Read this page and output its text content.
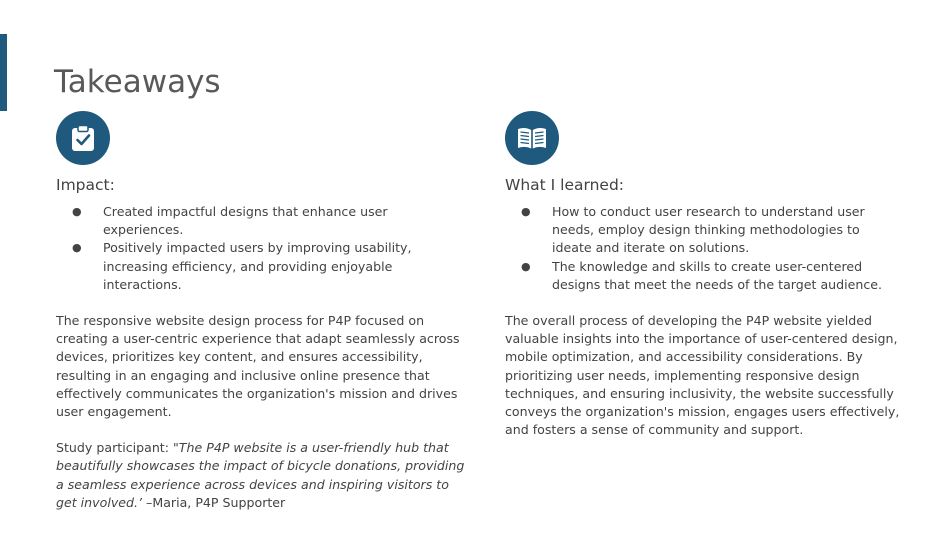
Takeaways
Impact:
● Created impactful designs that enhance user experiences.
● Positively impacted users by improving usability, increasing efficiency, and providing enjoyable interactions.

The responsive website design process for P4P focused on creating a user-centric experience that adapt seamlessly across devices, prioritizes key content, and ensures accessibility, resulting in an engaging and inclusive online presence that effectively communicates the organization's mission and drives user engagement.

Study participant: "The P4P website is a user-friendly hub that beautifully showcases the impact of bicycle donations, providing a seamless experience across devices and inspiring visitors to get involved.’ –Maria, P4P Supporter

What I learned:
● How to conduct user research to understand user needs, employ design thinking methodologies to ideate and iterate on solutions.
● The knowledge and skills to create user-centered designs that meet the needs of the target audience.

The overall process of developing the P4P website yielded valuable insights into the importance of user-centered design, mobile optimization, and accessibility considerations. By prioritizing user needs, implementing responsive design techniques, and ensuring inclusivity, the website successfully conveys the organization's mission, engages users effectively, and fosters a sense of community and support.
